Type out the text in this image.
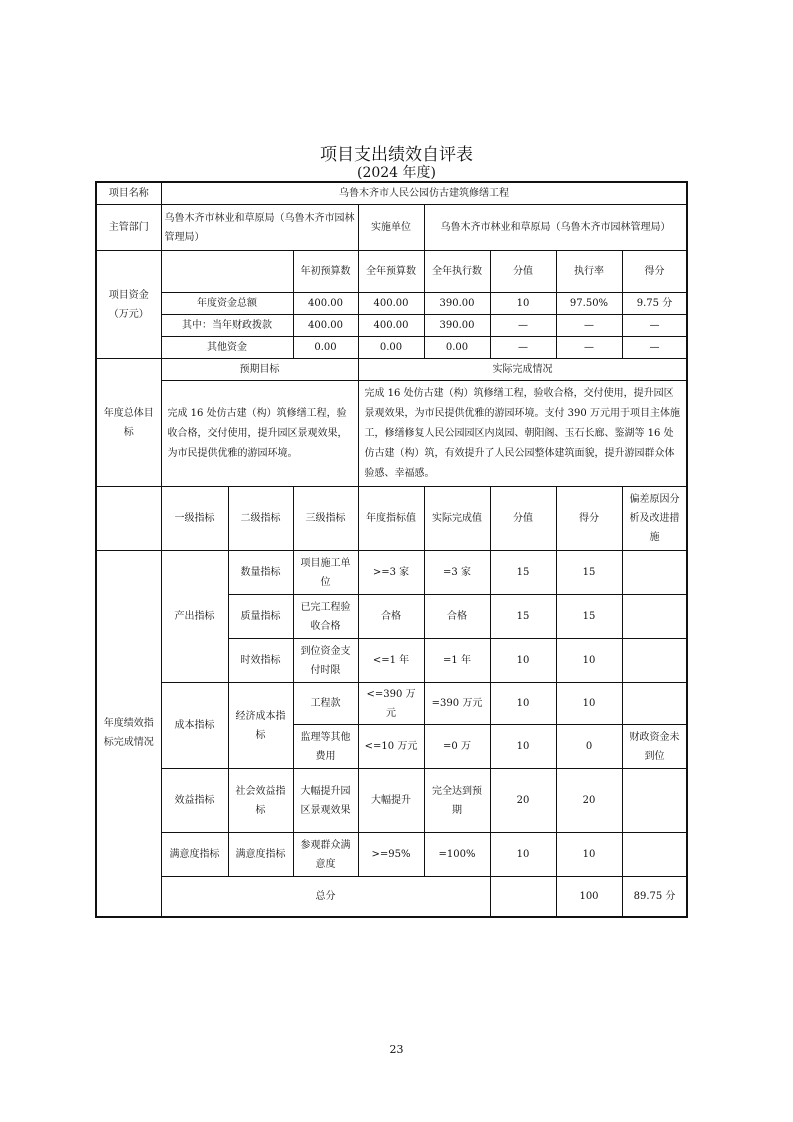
项目支出绩效自评表
(2024 年度)
项目名称	乌鲁木齐市人民公园仿古建筑修缮工程								
主管部门	乌鲁木齐市林业和草原局（乌鲁木齐市园林管理局）			实施单位	乌鲁木齐市林业和草原局（乌鲁木齐市园林管理局）				
项目资金（万元）			年初预算数	全年预算数	全年执行数	分值	执行率	得分	
	年度资金总额		400.00	400.00	390.00	10	97.50%	9.75 分	
	其中：当年财政拨款		400.00	400.00	390.00	—	—	—	
	其他资金		0.00	0.00	0.00	—	—	—	
年度总体目标	预期目标			实际完成情况					
	完成 16 处仿古建（构）筑修缮工程，验收合格，交付使用，提升园区景观效果，为市民提供优雅的游园环境。			完成 16 处仿古建（构）筑修缮工程，验收合格，交付使用，提升园区景观效果，为市民提供优雅的游园环境。支付 390 万元用于项目主体施工，修缮修复人民公园园区内岚园、朝阳阁、玉石长廊、鉴湖等 16 处仿古建（构）筑，有效提升了人民公园整体建筑面貌，提升游园群众体验感、幸福感。					
	一级指标	二级指标	三级指标	年度指标值	实际完成值	分值	得分	偏差原因分析及改进措施	
年度绩效指标完成情况	产出指标	数量指标	项目施工单位	>=3 家	=3 家	15	15		
		质量指标	已完工程验收合格	合格	合格	15	15		
		时效指标	到位资金支付时限	<=1 年	=1 年	10	10		
	成本指标	经济成本指标	工程款	<=390 万元	=390 万元	10	10		
			监理等其他费用	<=10 万元	=0 万	10	0	财政资金未到位	
	效益指标	社会效益指标	大幅提升园区景观效果	大幅提升	完全达到预期	20	20		
	满意度指标	满意度指标	参观群众满意度	>=95%	=100%	10	10		
	总分						100	89.75 分	
23
